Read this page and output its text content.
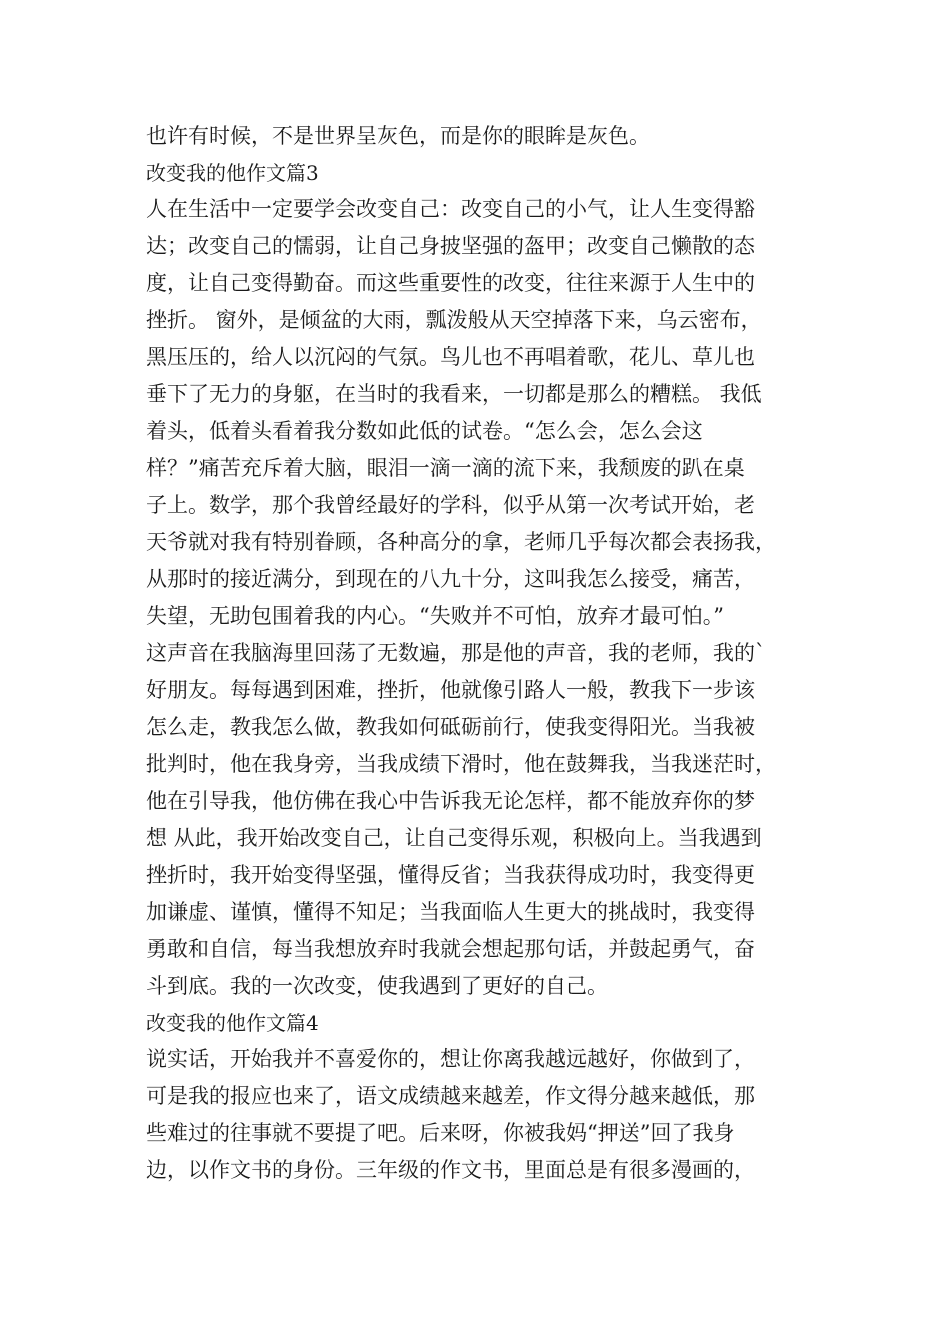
也许有时候，不是世界呈灰色，而是你的眼眸是灰色。
改变我的他作文篇3
人在生活中一定要学会改变自己：改变自己的小气，让人生变得豁
达；改变自己的懦弱，让自己身披坚强的盔甲；改变自己懒散的态
度，让自己变得勤奋。而这些重要性的改变，往往来源于人生中的
挫折。 窗外，是倾盆的大雨，瓢泼般从天空掉落下来，乌云密布，
黑压压的，给人以沉闷的气氛。鸟儿也不再唱着歌，花儿、草儿也
垂下了无力的身躯，在当时的我看来，一切都是那么的糟糕。 我低
着头，低着头看着我分数如此低的试卷。“怎么会，怎么会这
样？”痛苦充斥着大脑，眼泪一滴一滴的流下来，我颓废的趴在桌
子上。数学，那个我曾经最好的学科，似乎从第一次考试开始，老
天爷就对我有特别眷顾，各种高分的拿，老师几乎每次都会表扬我，
从那时的接近满分，到现在的八九十分，这叫我怎么接受，痛苦，
失望，无助包围着我的内心。“失败并不可怕，放弃才最可怕。”
这声音在我脑海里回荡了无数遍，那是他的声音，我的老师，我的`
好朋友。每每遇到困难，挫折，他就像引路人一般，教我下一步该
怎么走，教我怎么做，教我如何砥砺前行，使我变得阳光。当我被
批判时，他在我身旁，当我成绩下滑时，他在鼓舞我，当我迷茫时，
他在引导我，他仿佛在我心中告诉我无论怎样，都不能放弃你的梦
想 从此，我开始改变自己，让自己变得乐观，积极向上。当我遇到
挫折时，我开始变得坚强，懂得反省；当我获得成功时，我变得更
加谦虚、谨慎，懂得不知足；当我面临人生更大的挑战时，我变得
勇敢和自信，每当我想放弃时我就会想起那句话，并鼓起勇气，奋
斗到底。我的一次改变，使我遇到了更好的自己。
改变我的他作文篇4
说实话，开始我并不喜爱你的，想让你离我越远越好，你做到了，
可是我的报应也来了，语文成绩越来越差，作文得分越来越低，那
些难过的往事就不要提了吧。后来呀，你被我妈“押送”回了我身
边，以作文书的身份。三年级的作文书，里面总是有很多漫画的，
